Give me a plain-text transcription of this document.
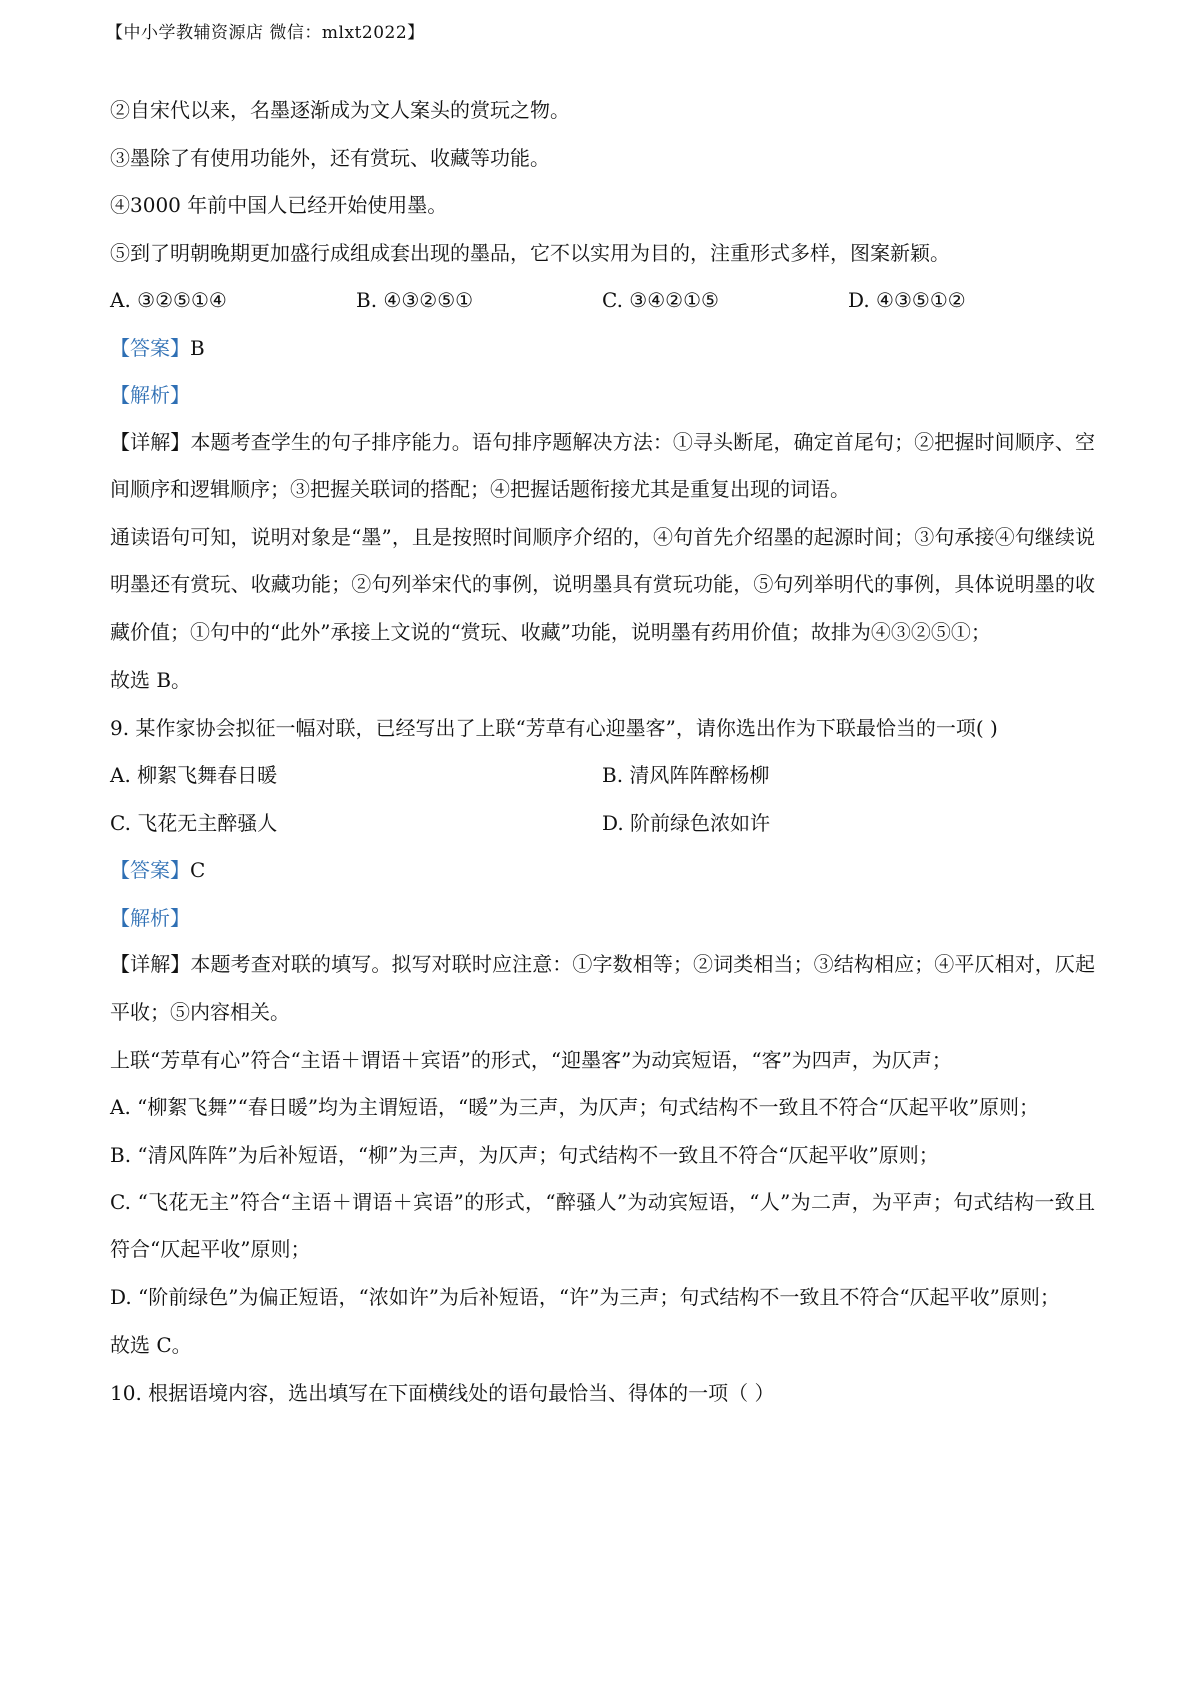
【中小学教辅资源店 微信：mlxt2022】
②自宋代以来，名墨逐渐成为文人案头的赏玩之物。
③墨除了有使用功能外，还有赏玩、收藏等功能。
④3000 年前中国人已经开始使用墨。
⑤到了明朝晚期更加盛行成组成套出现的墨品，它不以实用为目的，注重形式多样，图案新颖。
A. ③②⑤①④	B. ④③②⑤①	C. ③④②①⑤	D. ④③⑤①②
【答案】B
【解析】
【详解】本题考查学生的句子排序能力。语句排序题解决方法：①寻头断尾，确定首尾句；②把握时间顺序、空间顺序和逻辑顺序；③把握关联词的搭配；④把握话题衔接尤其是重复出现的词语。
通读语句可知，说明对象是“墨”，且是按照时间顺序介绍的，④句首先介绍墨的起源时间；③句承接④句继续说明墨还有赏玩、收藏功能；②句列举宋代的事例，说明墨具有赏玩功能，⑤句列举明代的事例，具体说明墨的收藏价值；①句中的“此外”承接上文说的“赏玩、收藏”功能，说明墨有药用价值；故排为④③②⑤①；
故选 B。
9. 某作家协会拟征一幅对联，已经写出了上联“芳草有心迎墨客”，请你选出作为下联最恰当的一项( )
A. 柳絮飞舞春日暖	B. 清风阵阵醉杨柳
C. 飞花无主醉骚人	D. 阶前绿色浓如许
【答案】C
【解析】
【详解】本题考查对联的填写。拟写对联时应注意：①字数相等；②词类相当；③结构相应；④平仄相对，仄起平收；⑤内容相关。
上联“芳草有心”符合“主语＋谓语＋宾语”的形式，“迎墨客”为动宾短语，“客”为四声，为仄声；
A. “柳絮飞舞”“春日暖”均为主谓短语，“暖”为三声，为仄声；句式结构不一致且不符合“仄起平收”原则；
B. “清风阵阵”为后补短语，“柳”为三声，为仄声；句式结构不一致且不符合“仄起平收”原则；
C. “飞花无主”符合“主语＋谓语＋宾语”的形式，“醉骚人”为动宾短语，“人”为二声，为平声；句式结构一致且符合“仄起平收”原则；
D. “阶前绿色”为偏正短语，“浓如许”为后补短语，“许”为三声；句式结构不一致且不符合“仄起平收”原则；
故选 C。
10. 根据语境内容，选出填写在下面横线处的语句最恰当、得体的一项（ ）
